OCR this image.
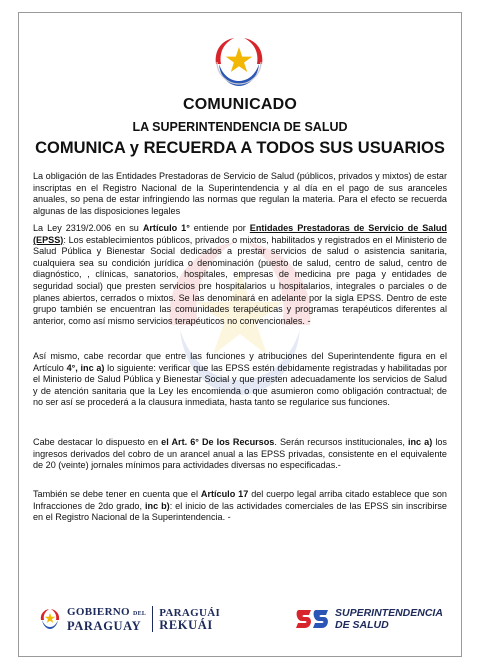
COMUNICADO
LA SUPERINTENDENCIA DE SALUD
COMUNICA y RECUERDA A TODOS SUS USUARIOS

La obligación de las Entidades Prestadoras de Servicio de Salud (públicos, privados y mixtos) de estar inscriptas en el Registro Nacional de la Superintendencia y al día en el pago de sus aranceles anuales, so pena de estar infringiendo las normas que regulan la materia. Para el efecto se recuerda algunas de las disposiciones legales

La Ley 2319/2.006 en su Artículo 1° entiende por Entidades Prestadoras de Servicio de Salud (EPSS): Los establecimientos públicos, privados o mixtos, habilitados y registrados en el Ministerio de Salud Pública y Bienestar Social dedicados a prestar servicios de salud o asistencia sanitaria, cualquiera sea su condición jurídica o denominación (puesto de salud, centro de salud, centro de diagnóstico, , clínicas, sanatorios, hospitales, empresas de medicina pre paga y entidades de seguridad social) que presten servicios pre hospitalarios u hospitalarios, integrales o parciales o de planes abiertos, cerrados o mixtos. Se las denominará en adelante por la sigla EPSS. Dentro de este grupo también se encuentran las comunidades terapéuticas y programas terapéuticos diferentes al anterior, como así mismo servicios terapéuticos no convencionales. -

Así mismo, cabe recordar que entre las funciones y atribuciones del Superintendente figura en el Artículo 4°, inc a) lo siguiente: verificar que las EPSS estén debidamente registradas y habilitadas por el Ministerio de Salud Pública y Bienestar Social y que presten adecuadamente los servicios de Salud y de atención sanitaria que la Ley les encomienda o que asumieron como obligación contractual; de no ser así se procederá a la clausura inmediata, hasta tanto se regularice sus funciones.

Cabe destacar lo dispuesto en el Art. 6° De los Recursos. Serán recursos institucionales, inc a) los ingresos derivados del cobro de un arancel anual a las EPSS privadas, consistente en el equivalente de 20 (veinte) jornales mínimos para actividades diversas no especificadas.-

También se debe tener en cuenta que el Artículo 17 del cuerpo legal arriba citado establece que son Infracciones de 2do grado, inc b): el inicio de las actividades comerciales de las EPSS sin inscribirse en el Registro Nacional de la Superintendencia. -

GOBIERNO DEL
PARAGUAY
PARAGUÁI
REKUÁI
SUPERINTENDENCIA
DE SALUD
